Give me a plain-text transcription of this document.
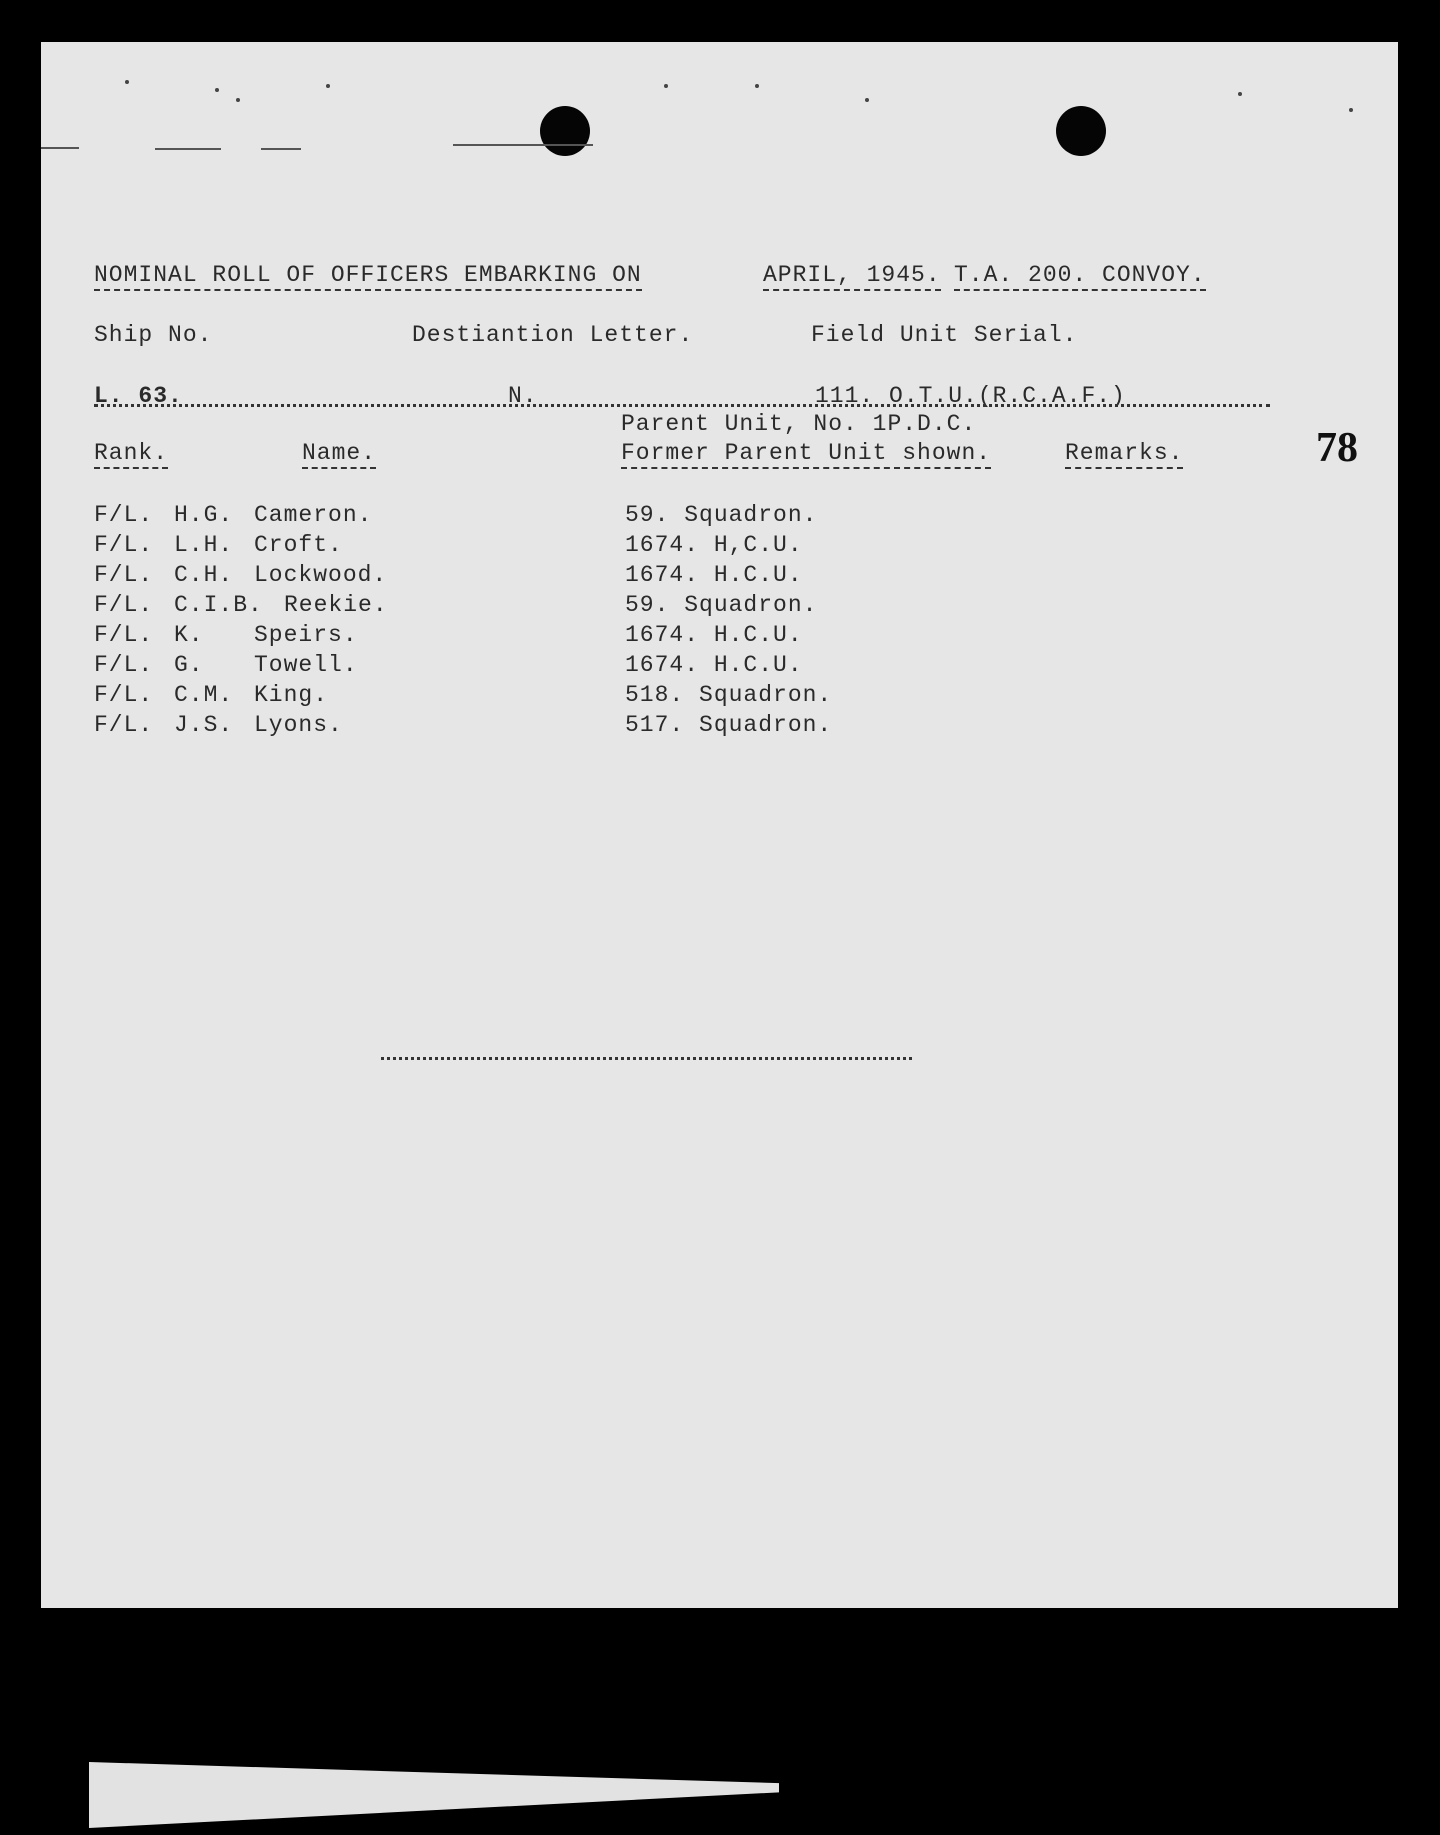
NOMINAL ROLL OF OFFICERS EMBARKING ON	APRIL, 1945. T.A. 200. CONVOY.
Ship No.	Destiantion Letter.	Field Unit Serial.
L. 63.	N.	111. O.T.U.(R.C.A.F.)
Parent Unit, No. 1P.D.C.
Rank.	Name.	Former Parent Unit shown.	Remarks.	78
F/L. H.G. Cameron.	59. Squadron.
F/L. L.H. Croft.	1674. H,C.U.
F/L. C.H. Lockwood.	1674. H.C.U.
F/L. C.I.B. Reekie.	59. Squadron.
F/L. K. Speirs.	1674. H.C.U.
F/L. G. Towell.	1674. H.C.U.
F/L. C.M. King.	518. Squadron.
F/L. J.S. Lyons.	517. Squadron.
